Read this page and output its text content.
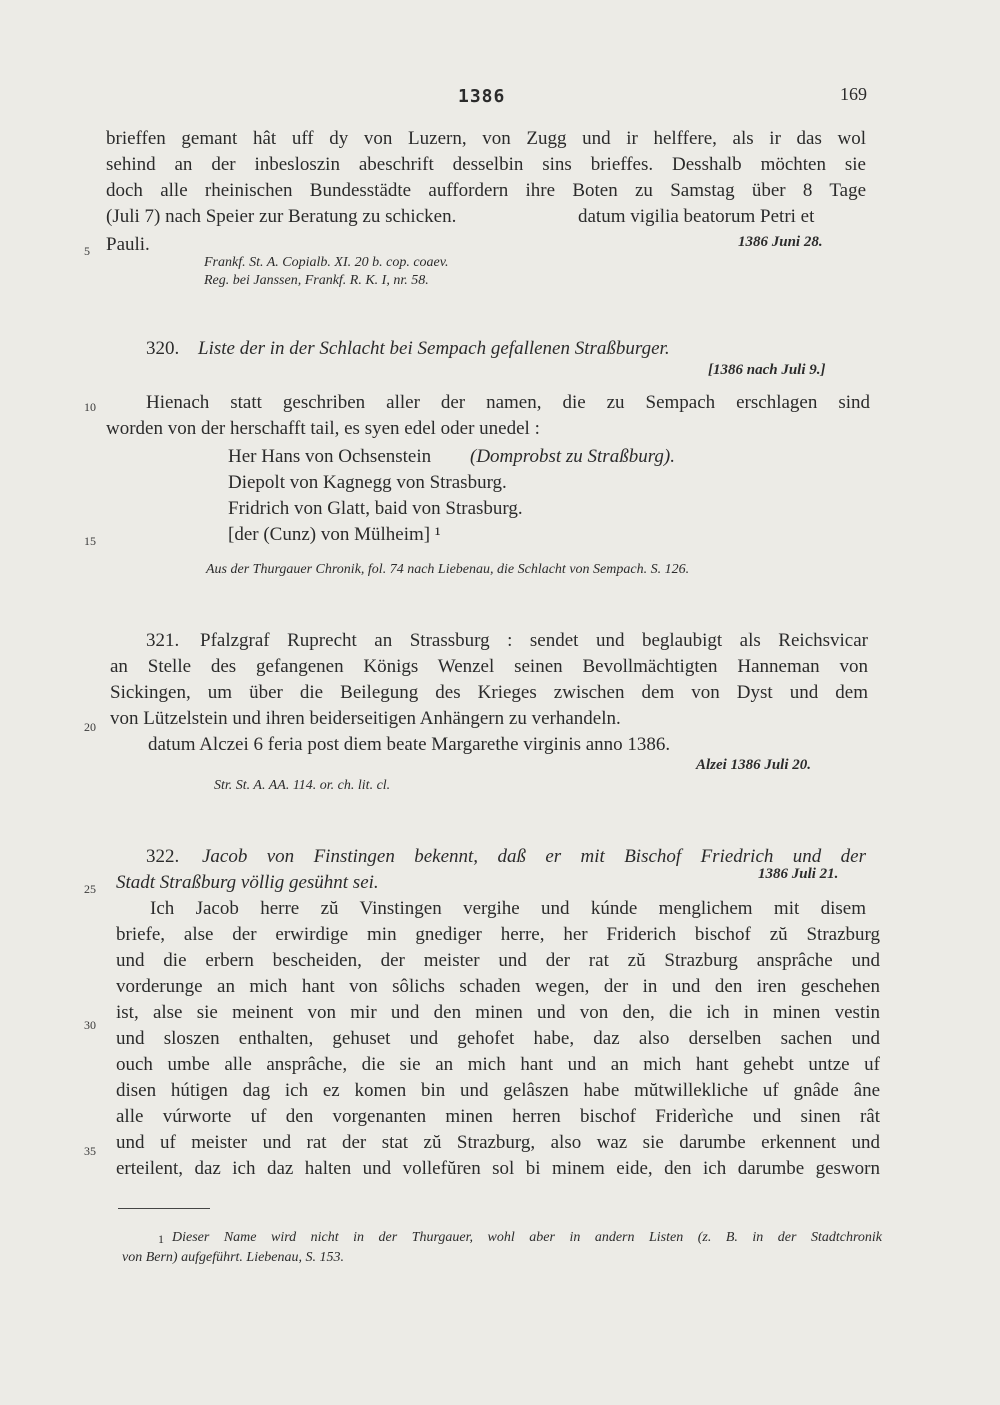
1386	169
5
10
15
20
25
30
35
brieffen gemant hât uff dy von Luzern, von Zugg und ir helffere, als ir das wol
sehind an der inbesloszin abeschrift desselbin sins brieffes. Desshalb möchten sie
doch alle rheinischen Bundesstädte auffordern ihre Boten zu Samstag über 8 Tage
(Juli 7) nach Speier zur Beratung zu schicken.	datum vigilia beatorum Petri et
Pauli.	1386 Juni 28.
Frankf. St. A. Copialb. XI. 20 b. cop. coaev.
Reg. bei Janssen, Frankf. R. K. I, nr. 58.
320. Liste der in der Schlacht bei Sempach gefallenen Straßburger.
[1386 nach Juli 9.]
Hienach statt geschriben aller der namen, die zu Sempach erschlagen sind
worden von der herschafft tail, es syen edel oder unedel :
Her Hans von Ochsenstein (Domprobst zu Straßburg).
Diepolt von Kagnegg von Strasburg.
Fridrich von Glatt, baid von Strasburg.
[der (Cunz) von Mülheim] ¹
Aus der Thurgauer Chronik, fol. 74 nach Liebenau, die Schlacht von Sempach. S. 126.
321. Pfalzgraf Ruprecht an Strassburg : sendet und beglaubigt als Reichsvicar
an Stelle des gefangenen Königs Wenzel seinen Bevollmächtigten Hanneman von
Sickingen, um über die Beilegung des Krieges zwischen dem von Dyst und dem
von Lützelstein und ihren beiderseitigen Anhängern zu verhandeln.
datum Alczei 6 feria post diem beate Margarethe virginis anno 1386.
Alzei 1386 Juli 20.
Str. St. A. AA. 114. or. ch. lit. cl.
322. Jacob von Finstingen bekennt, daß er mit Bischof Friedrich und der
Stadt Straßburg völlig gesühnt sei.	1386 Juli 21.
Ich Jacob herre zŭ Vinstingen vergihe und kúnde menglichem mit disem
briefe, alse der erwirdige min gnediger herre, her Friderich bischof zŭ Strazburg
und die erbern bescheiden, der meister und der rat zŭ Strazburg ansprâche und
vorderunge an mich hant von sôlichs schaden wegen, der in und den iren geschehen
ist, alse sie meinent von mir und den minen und von den, die ich in minen vestin
und sloszen enthalten, gehuset und gehofet habe, daz also derselben sachen und
ouch umbe alle ansprâche, die sie an mich hant und an mich hant gehebt untze uf
disen hútigen dag ich ez komen bin und gelâszen habe mŭtwillekliche uf gnâde âne
alle vúrworte uf den vorgenanten minen herren bischof Friderìche und sinen rât
und uf meister und rat der stat zŭ Strazburg, also waz sie darumbe erkennent und
erteilent, daz ich daz halten und vollefŭren sol bi minem eide, den ich darumbe gesworn
1 Dieser Name wird nicht in der Thurgauer, wohl aber in andern Listen (z. B. in der Stadtchronik
von Bern) aufgeführt. Liebenau, S. 153.
